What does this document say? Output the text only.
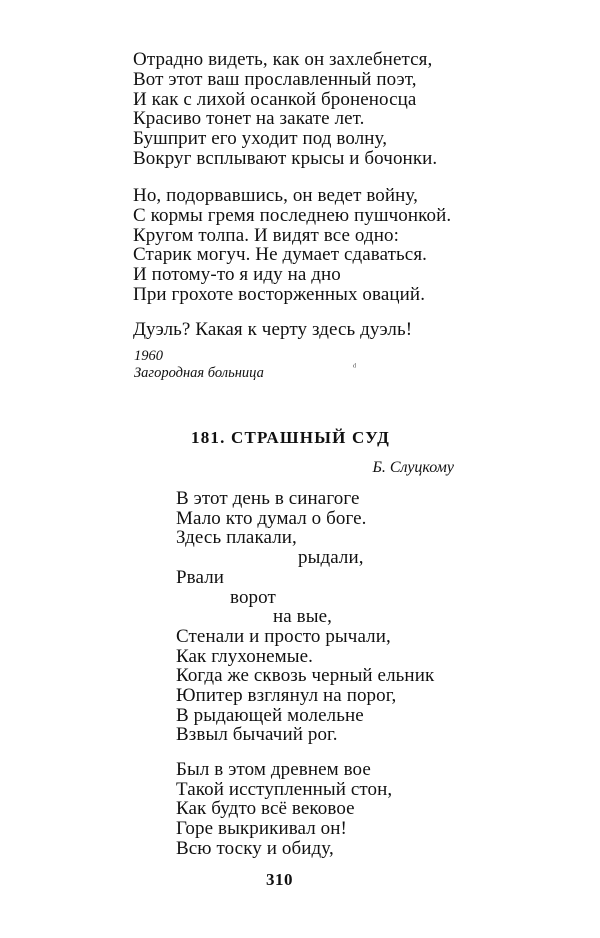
Отрадно видеть, как он захлебнется,
Вот этот ваш прославленный поэт,
И как с лихой осанкой броненосца
Красиво тонет на закате лет.
Бушприт его уходит под волну,
Вокруг всплывают крысы и бочонки.
Но, подорвавшись, он ведет войну,
С кормы гремя последнею пушчонкой.
Кругом толпа. И видят все одно:
Старик могуч. Не думает сдаваться.
И потому-то я иду на дно
При грохоте восторженных оваций.
Дуэль? Какая к черту здесь дуэль!
1960
Загородная больница	ᵈ
181. СТРАШНЫЙ СУД
Б. Слуцкому
В этот день в синагоге
Мало кто думал о боге.
Здесь плакали,
рыдали,
Рвали
ворот
на вые,
Стенали и просто рычали,
Как глухонемые.
Когда же сквозь черный ельник
Юпитер взглянул на порог,
В рыдающей молельне
Взвыл бычачий рог.
Был в этом древнем вое
Такой исступленный стон,
Как будто всё вековое
Горе выкрикивал он!
Всю тоску и обиду,
310
